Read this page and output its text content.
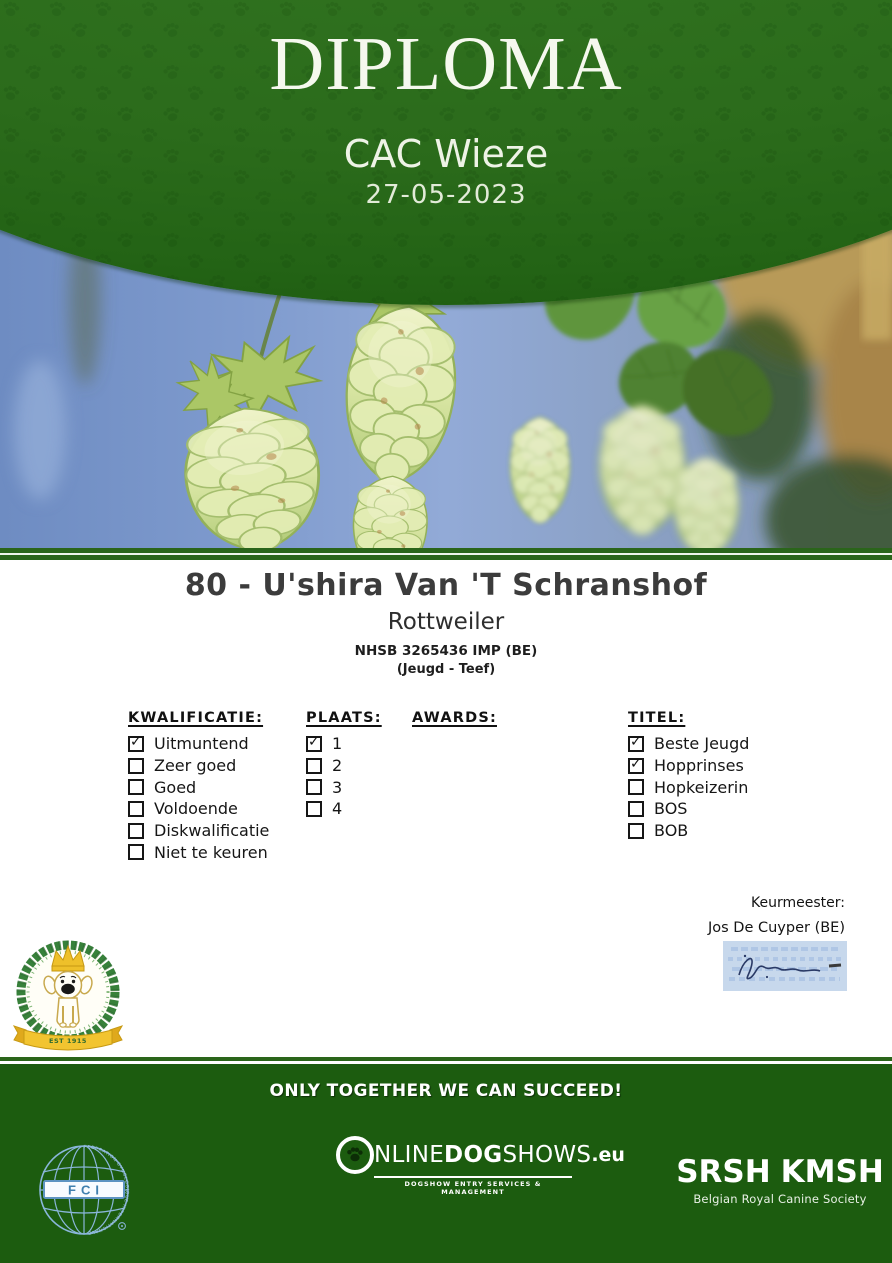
DIPLOMA
CAC Wieze
27-05-2023
80 - U'shira Van 'T Schranshof
Rottweiler
NHSB 3265436 IMP (BE)
(Jeugd - Teef)
KWALIFICATIE:
✓
Uitmuntend
Zeer goed
Goed
Voldoende
Diskwalificatie
Niet te keuren
PLAATS:
✓
1
2
3
4
AWARDS:	TITEL:
✓
Beste Jeugd
✓
Hopprinses
Hopkeizerin
BOS
BOB
Keurmeester:
Jos De Cuyper (BE)
EST 1915
ONLY TOGETHER WE CAN SUCCEED!
FEDERATION CYNOLOGIQUE INTERNATIONALE
FCI
NLINE DOG SHOWS .eu
DOGSHOW ENTRY SERVICES & MANAGEMENT
SRSH KMSH
Belgian Royal Canine Society
